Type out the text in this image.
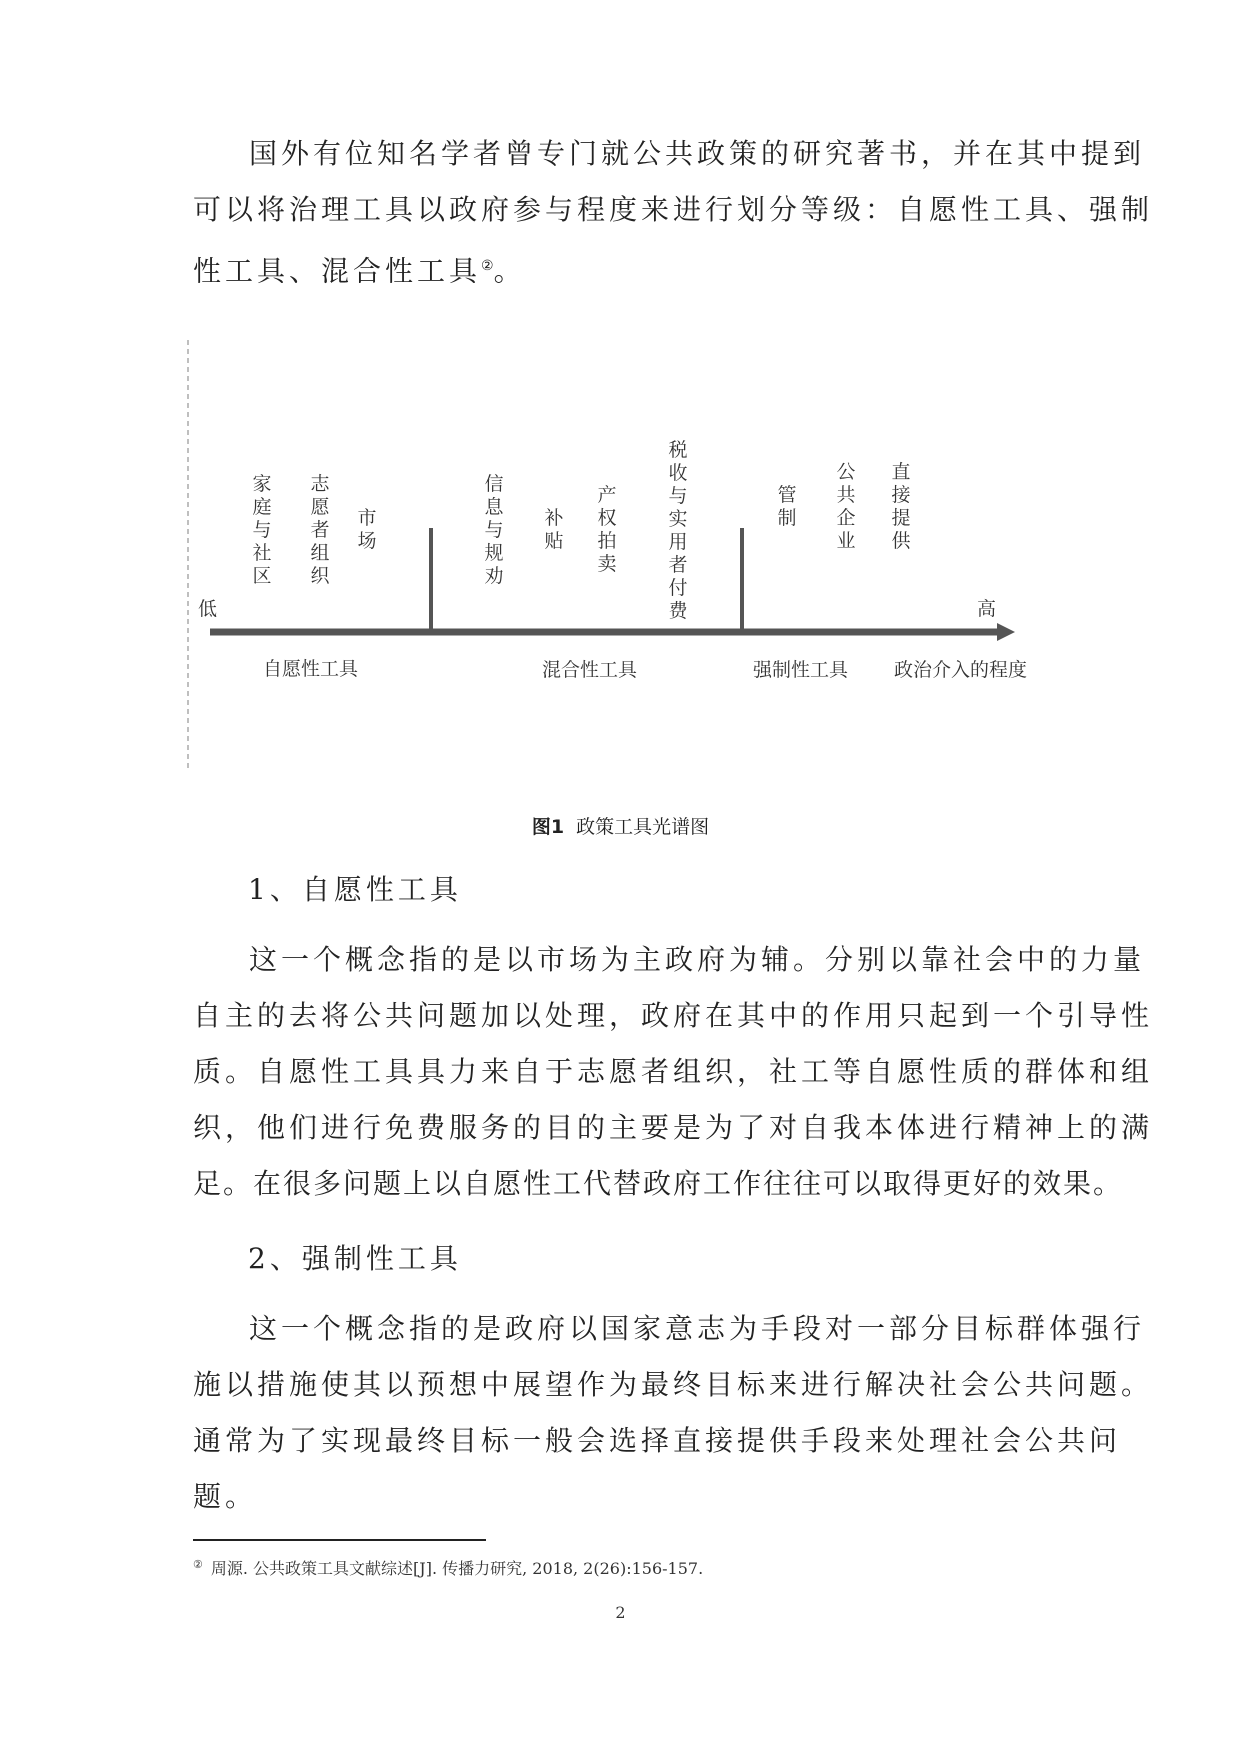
国外有位知名学者曾专门就公共政策的研究著书，并在其中提到
可以将治理工具以政府参与程度来进行划分等级：自愿性工具、强制
性工具、混合性工具②。
家庭与社区
志愿者组织
市场
信息与规劝
补贴
产权拍卖
税收与实用者付费
管制
公共企业
直接提供
低	高
自愿性工具	混合性工具	强制性工具 政治介入的程度
图1 政策工具光谱图
1、自愿性工具
这一个概念指的是以市场为主政府为辅。分别以靠社会中的力量
自主的去将公共问题加以处理，政府在其中的作用只起到一个引导性
质。自愿性工具具力来自于志愿者组织，社工等自愿性质的群体和组
织，他们进行免费服务的目的主要是为了对自我本体进行精神上的满
足。在很多问题上以自愿性工代替政府工作往往可以取得更好的效果。
2、强制性工具
这一个概念指的是政府以国家意志为手段对一部分目标群体强行
施以措施使其以预想中展望作为最终目标来进行解决社会公共问题。
通常为了实现最终目标一般会选择直接提供手段来处理社会公共问
题。
② 周源. 公共政策工具文献综述[J]. 传播力研究, 2018, 2(26):156-157.
2
